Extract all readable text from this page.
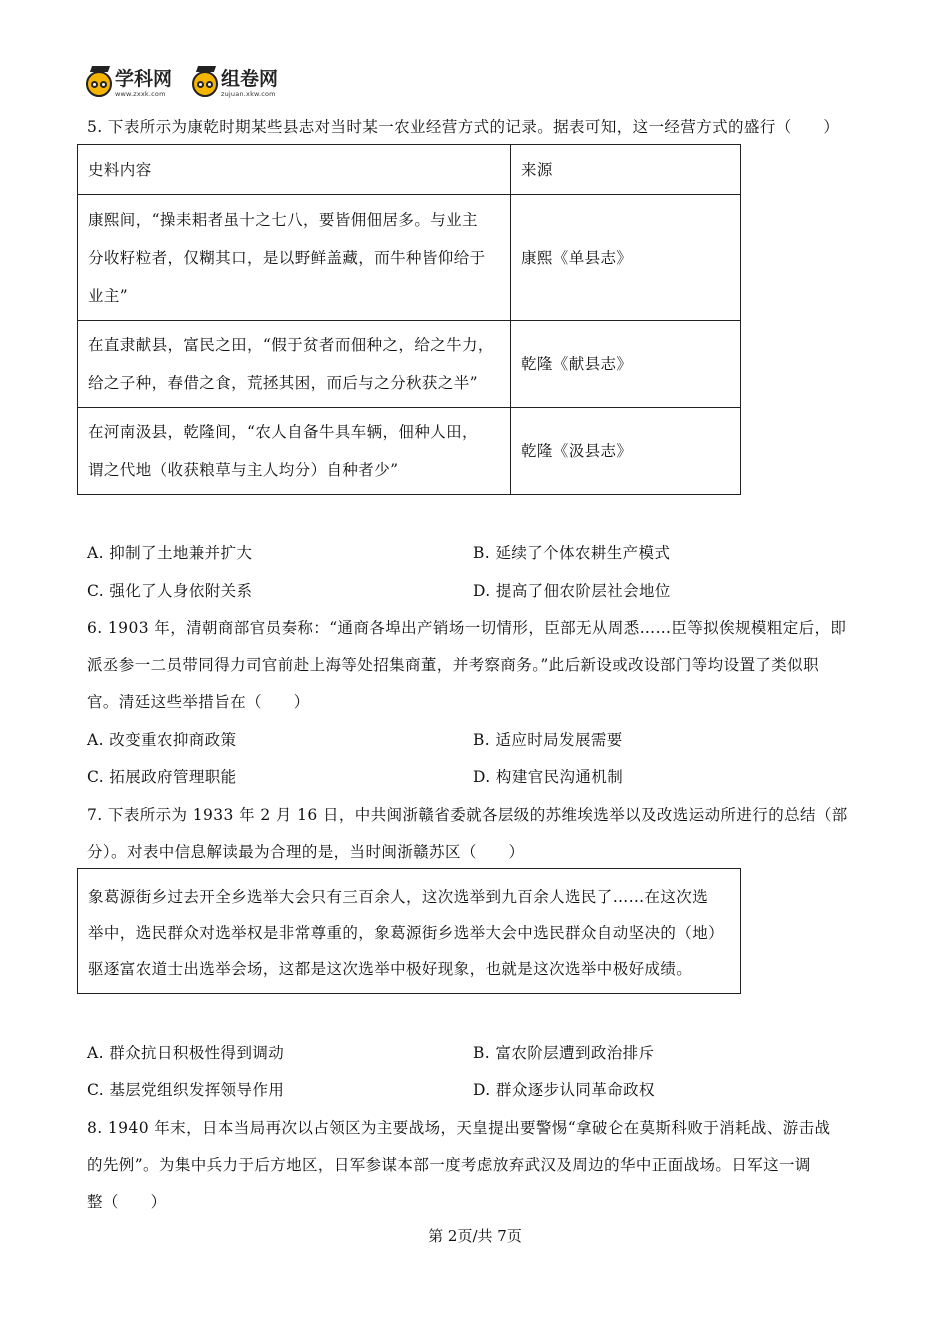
学科网
www.zxxk.com
组卷网
zujuan.xkw.com
5. 下表所示为康乾时期某些县志对当时某一农业经营方式的记录。据表可知，这一经营方式的盛行（　　）
史料内容	来源

康熙间，“操耒耜者虽十之七八，要皆佣佃居多。与业主
分收籽粒者，仅糊其口，是以野鲜盖藏，而牛种皆仰给于
业主”	康熙《单县志》

在直隶献县，富民之田，“假于贫者而佃种之，给之牛力，
给之子种，春借之食，荒拯其困，而后与之分秋获之半”	乾隆《献县志》

在河南汲县，乾隆间，“农人自备牛具车辆，佃种人田，
谓之代地（收获粮草与主人均分）自种者少”	乾隆《汲县志》
A. 抑制了土地兼并扩大	B. 延续了个体农耕生产模式
C. 强化了人身依附关系	D. 提高了佃农阶层社会地位
6. 1903 年，清朝商部官员奏称：“通商各埠出产销场一切情形，臣部无从周悉……臣等拟俟规模粗定后，即
派丞参一二员带同得力司官前赴上海等处招集商董，并考察商务。”此后新设或改设部门等均设置了类似职
官。清廷这些举措旨在（　　）
A. 改变重农抑商政策	B. 适应时局发展需要
C. 拓展政府管理职能	D. 构建官民沟通机制
7. 下表所示为 1933 年 2 月 16 日，中共闽浙赣省委就各层级的苏维埃选举以及改选运动所进行的总结（部
分）。对表中信息解读最为合理的是，当时闽浙赣苏区（　　）
象葛源街乡过去开全乡选举大会只有三百余人，这次选举到九百余人选民了……在这次选
举中，选民群众对选举权是非常尊重的，象葛源街乡选举大会中选民群众自动坚决的（地）
驱逐富农道士出选举会场，这都是这次选举中极好现象，也就是这次选举中极好成绩。
A. 群众抗日积极性得到调动	B. 富农阶层遭到政治排斥
C. 基层党组织发挥领导作用	D. 群众逐步认同革命政权
8. 1940 年末，日本当局再次以占领区为主要战场，天皇提出要警惕“拿破仑在莫斯科败于消耗战、游击战
的先例”。为集中兵力于后方地区，日军参谋本部一度考虑放弃武汉及周边的华中正面战场。日军这一调
整（　　）
第 2页/共 7页
